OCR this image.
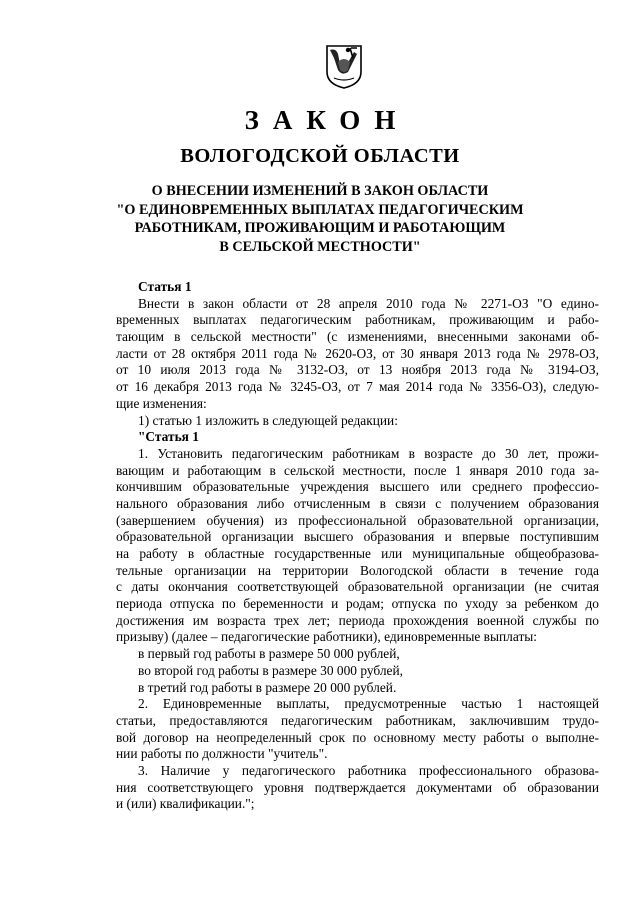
ЗАКОН
ВОЛОГОДСКОЙ ОБЛАСТИ
О ВНЕСЕНИИ ИЗМЕНЕНИЙ В ЗАКОН ОБЛАСТИ
"О ЕДИНОВРЕМЕННЫХ ВЫПЛАТАХ ПЕДАГОГИЧЕСКИМ
РАБОТНИКАМ, ПРОЖИВАЮЩИМ И РАБОТАЮЩИМ
В СЕЛЬСКОЙ МЕСТНОСТИ"
Статья 1
Внести в закон области от 28 апреля 2010 года № 2271-ОЗ "О едино-
временных выплатах педагогическим работникам, проживающим и рабо-
тающим в сельской местности" (с изменениями, внесенными законами об-
ласти от 28 октября 2011 года № 2620-ОЗ, от 30 января 2013 года № 2978-ОЗ,
от 10 июля 2013 года № 3132-ОЗ, от 13 ноября 2013 года № 3194-ОЗ,
от 16 декабря 2013 года № 3245-ОЗ, от 7 мая 2014 года № 3356-ОЗ), следую-
щие изменения:
1) статью 1 изложить в следующей редакции:
"Статья 1
1. Установить педагогическим работникам в возрасте до 30 лет, прожи-
вающим и работающим в сельской местности, после 1 января 2010 года за-
кончившим образовательные учреждения высшего или среднего профессио-
нального образования либо отчисленным в связи с получением образования
(завершением обучения) из профессиональной образовательной организации,
образовательной организации высшего образования и впервые поступившим
на работу в областные государственные или муниципальные общеобразова-
тельные организации на территории Вологодской области в течение года
с даты окончания соответствующей образовательной организации (не считая
периода отпуска по беременности и родам; отпуска по уходу за ребенком до
достижения им возраста трех лет; периода прохождения военной службы по
призыву) (далее – педагогические работники), единовременные выплаты:
в первый год работы в размере 50 000 рублей,
во второй год работы в размере 30 000 рублей,
в третий год работы в размере 20 000 рублей.
2. Единовременные выплаты, предусмотренные частью 1 настоящей
статьи, предоставляются педагогическим работникам, заключившим трудо-
вой договор на неопределенный срок по основному месту работы о выполне-
нии работы по должности "учитель".
3. Наличие у педагогического работника профессионального образова-
ния соответствующего уровня подтверждается документами об образовании
и (или) квалификации.";
